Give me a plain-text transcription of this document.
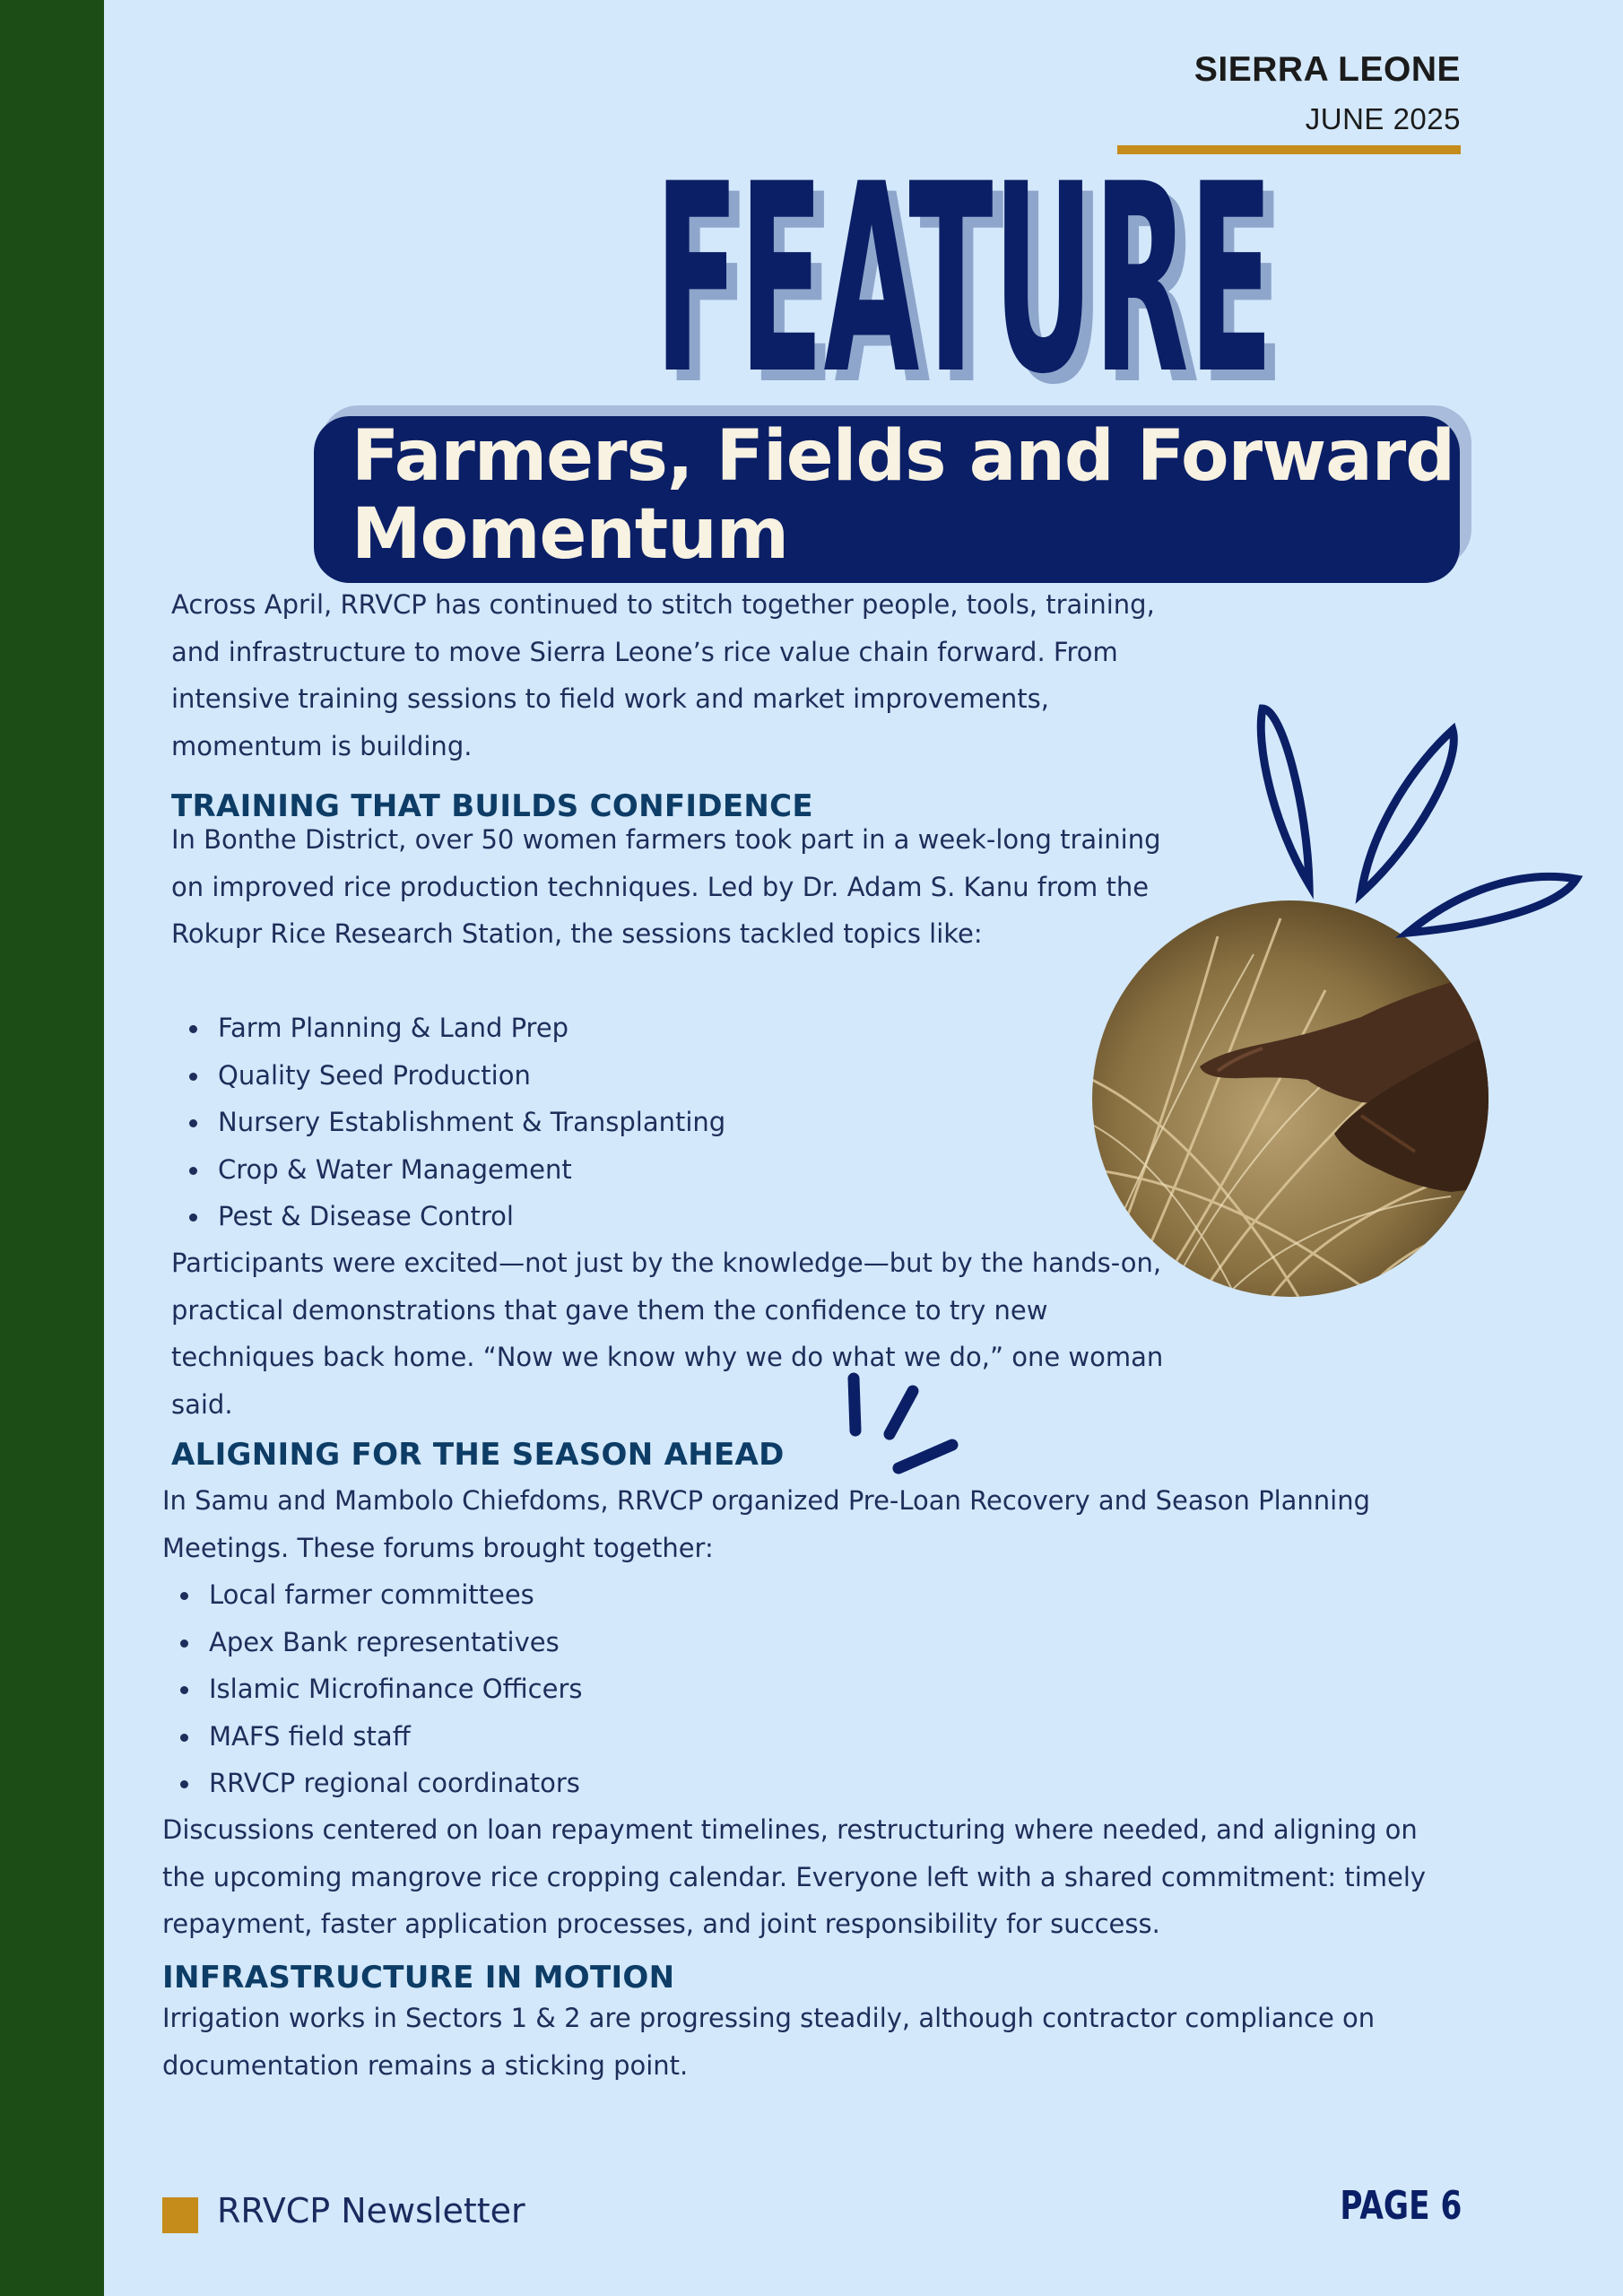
SIERRA LEONE
JUNE 2025
FEATURE
FEATURE
Farmers, Fields and Forward Momentum

Across April, RRVCP has continued to stitch together people, tools, training, and infrastructure to move Sierra Leone’s rice value chain forward. From intensive training sessions to field work and market improvements, momentum is building.

TRAINING THAT BUILDS CONFIDENCE

In Bonthe District, over 50 women farmers took part in a week-long training on improved rice production techniques. Led by Dr. Adam S. Kanu from the Rokupr Rice Research Station, the sessions tackled topics like:

Farm Planning & Land Prep
Quality Seed Production
Nursery Establishment & Transplanting
Crop & Water Management
Pest & Disease Control

Participants were excited—not just by the knowledge—but by the hands-on, practical demonstrations that gave them the confidence to try new techniques back home. “Now we know why we do what we do,” one woman said.

ALIGNING FOR THE SEASON AHEAD

In Samu and Mambolo Chiefdoms, RRVCP organized Pre-Loan Recovery and Season Planning Meetings. These forums brought together:

Local farmer committees
Apex Bank representatives
Islamic Microfinance Officers
MAFS field staff
RRVCP regional coordinators

Discussions centered on loan repayment timelines, restructuring where needed, and aligning on the upcoming mangrove rice cropping calendar. Everyone left with a shared commitment: timely repayment, faster application processes, and joint responsibility for success.

INFRASTRUCTURE IN MOTION

Irrigation works in Sectors 1 & 2 are progressing steadily, although contractor compliance on documentation remains a sticking point.

RRVCP Newsletter	PAGE 6
